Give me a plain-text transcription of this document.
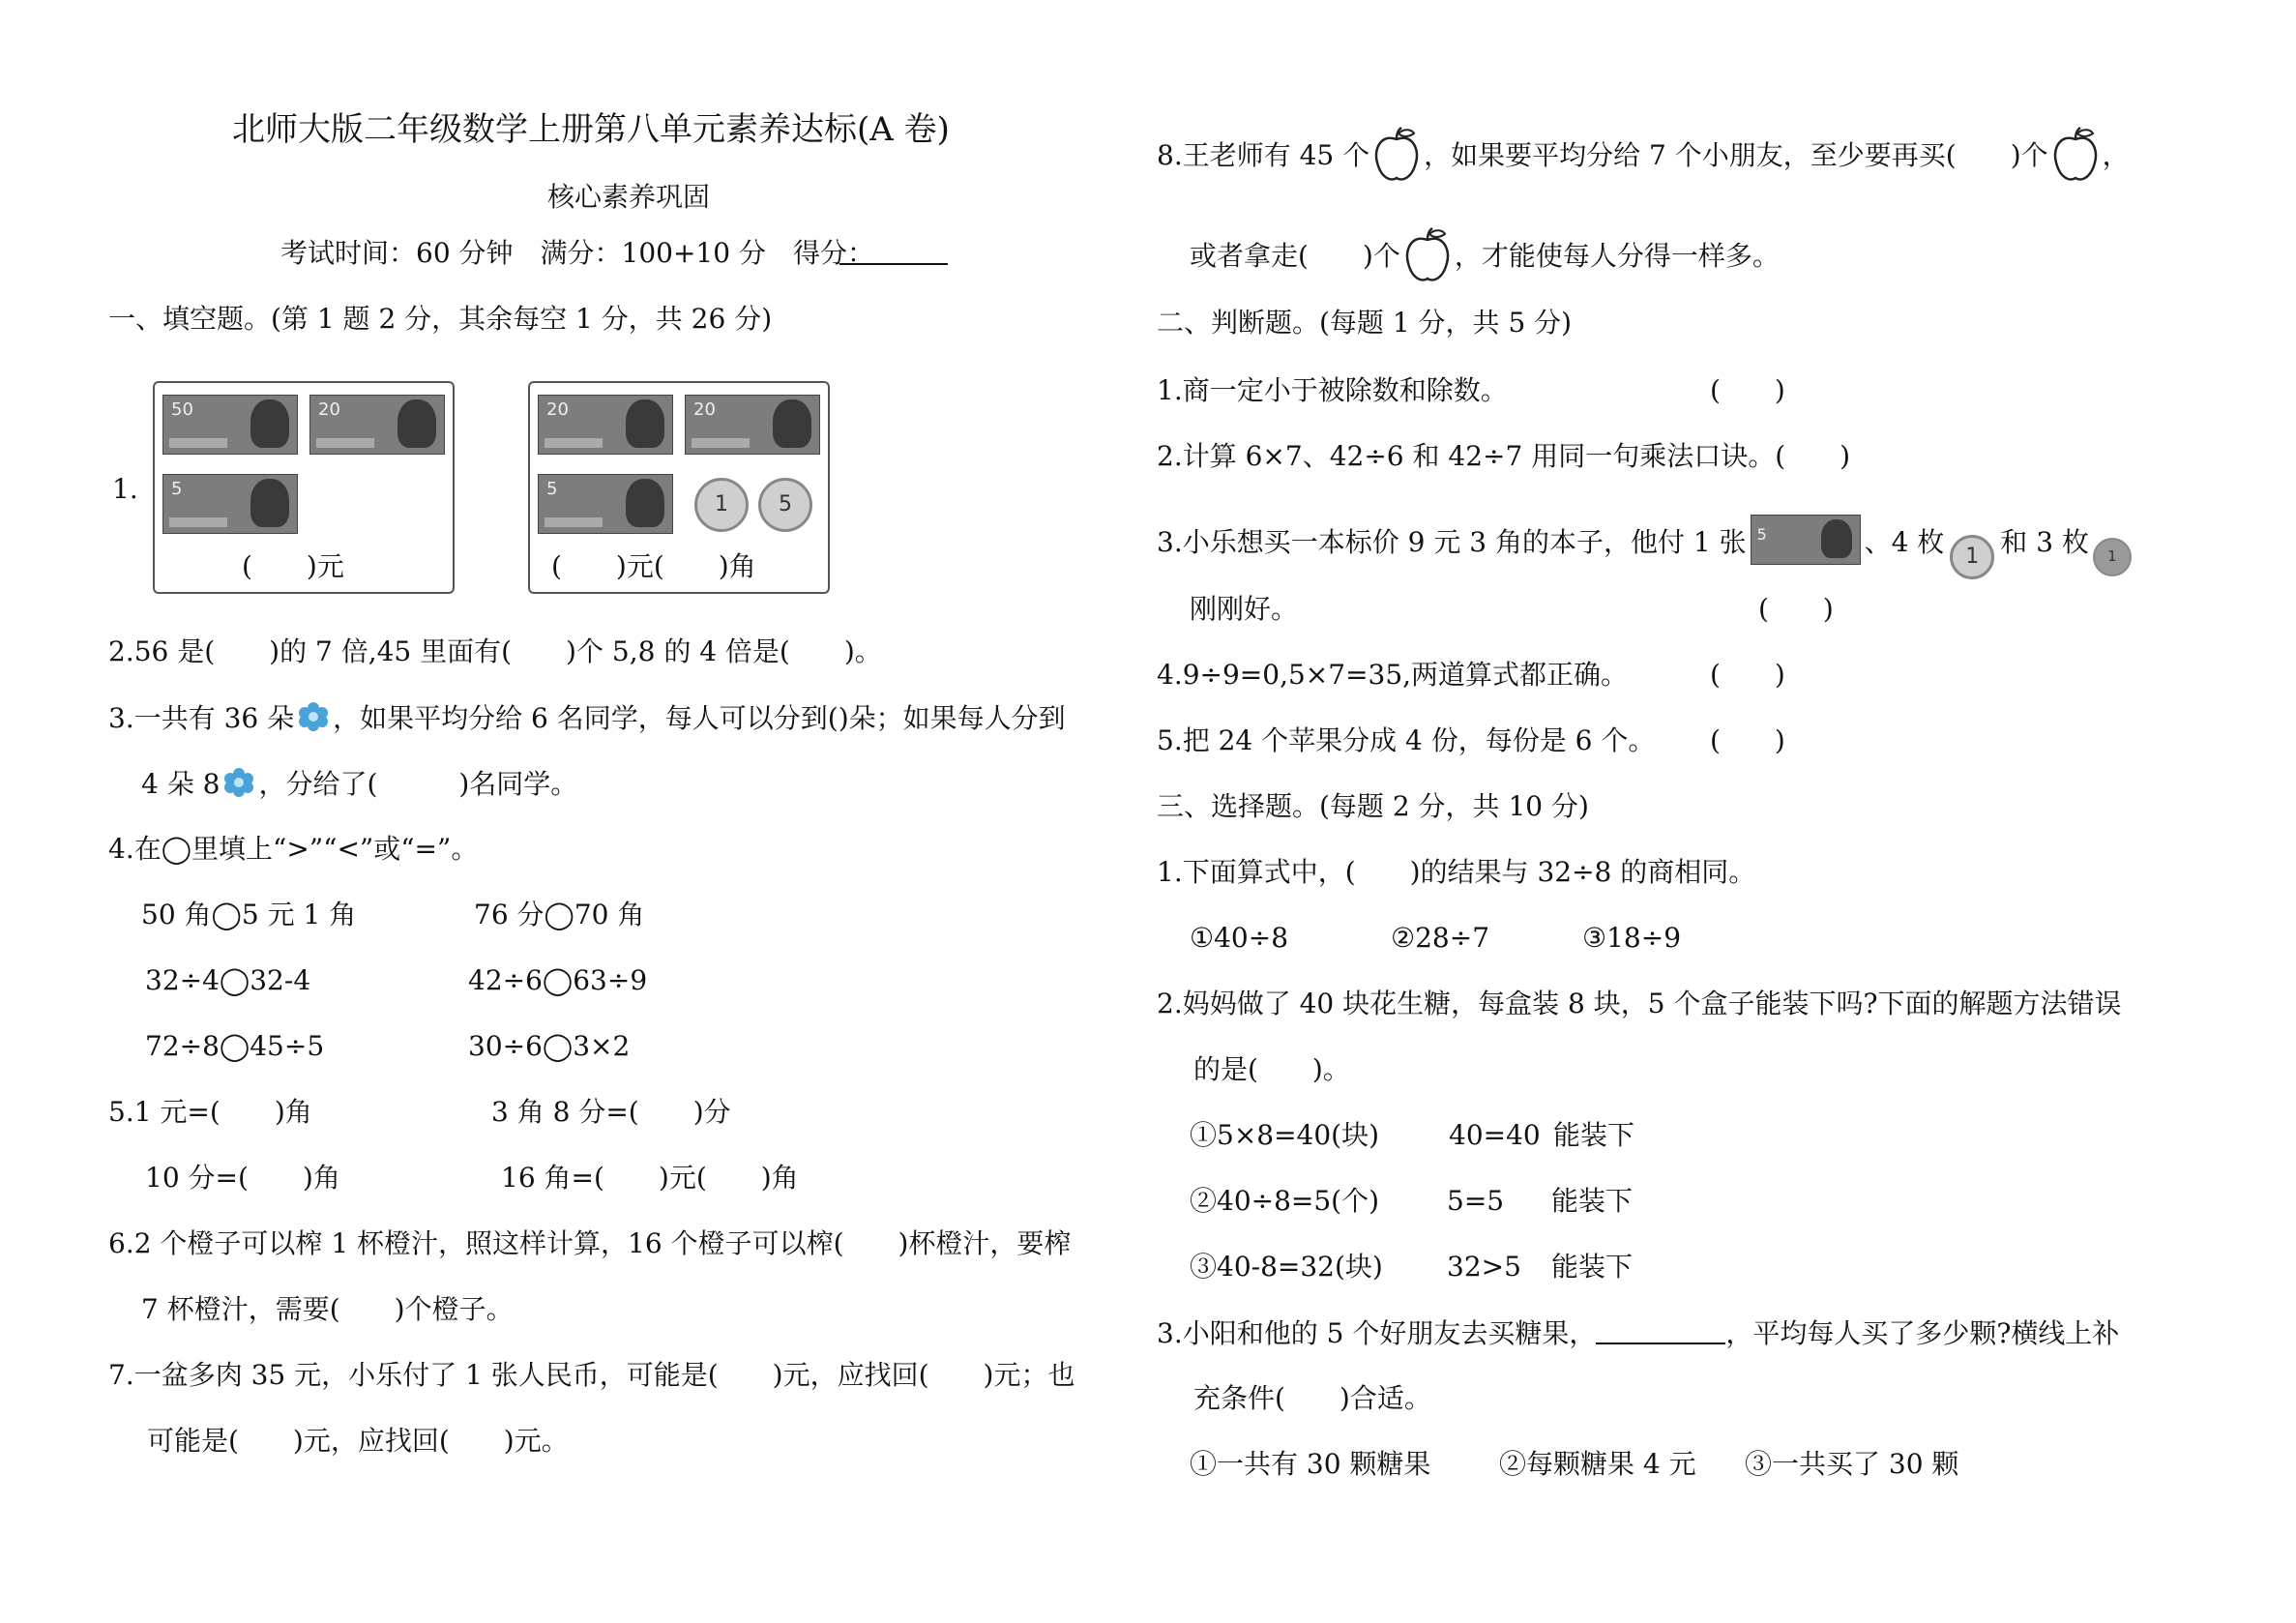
北师大版二年级数学上册第八单元素养达标(A 卷)
核心素养巩固
考试时间：60 分钟　满分：100+10 分　得分：
一、填空题。(第 1 题 2 分，其余每空 1 分，共 26 分)
1.
50	20
5
(　　)元
20	20
5
1	5
(　　)元(　　)角
2.56 是(　　)的 7 倍,45 里面有(　　)个 5,8 的 4 倍是(　　)。
3.一共有 36 朵 ，如果平均分给 6 名同学，每人可以分到()朵；如果每人分到
4 朵 8 ，分给了(　　　)名同学。
4.在◯里填上“>”“<”或“=”。
50 角◯5 元 1 角	76 分◯70 角
32÷4◯32-4	42÷6◯63÷9
72÷8◯45÷5	30÷6◯3×2
5.1 元=(　　)角	3 角 8 分=(　　)分
10 分=(　　)角	16 角=(　　)元(　　)角
6.2 个橙子可以榨 1 杯橙汁，照这样计算，16 个橙子可以榨(　　)杯橙汁，要榨
7 杯橙汁，需要(　　)个橙子。
7.一盆多肉 35 元，小乐付了 1 张人民币，可能是(　　)元，应找回(　　)元；也
可能是(　　)元，应找回(　　)元。
8.王老师有 45 个 ，如果要平均分给 7 个小朋友，至少要再买(　　)个 ，
或者拿走(　　)个 ，才能使每人分得一样多。
二、判断题。(每题 1 分，共 5 分)
1.商一定小于被除数和除数。	(　　)
2.计算 6×7、42÷6 和 42÷7 用同一句乘法口诀。(　　)
3.小乐想买一本标价 9 元 3 角的本子，他付 1 张 5	、4 枚 1 和 3 枚 1
刚刚好。	(　　)
4.9÷9=0,5×7=35,两道算式都正确。	(　　)
5.把 24 个苹果分成 4 份，每份是 6 个。 (　　)
三、选择题。(每题 2 分，共 10 分)
1.下面算式中，(　　)的结果与 32÷8 的商相同。
①40÷8	②28÷7	③18÷9
2.妈妈做了 40 块花生糖，每盒装 8 块，5 个盒子能装下吗?下面的解题方法错误
的是(　　)。
①5×8=40(块)	40=40 能装下
②40÷8=5(个) 5=5 能装下
③40-8=32(块) 32>5 能装下
3.小阳和他的 5 个好朋友去买糖果，	，平均每人买了多少颗?横线上补
充条件(　　)合适。
①一共有 30 颗糖果	②每颗糖果 4 元 ③一共买了 30 颗
